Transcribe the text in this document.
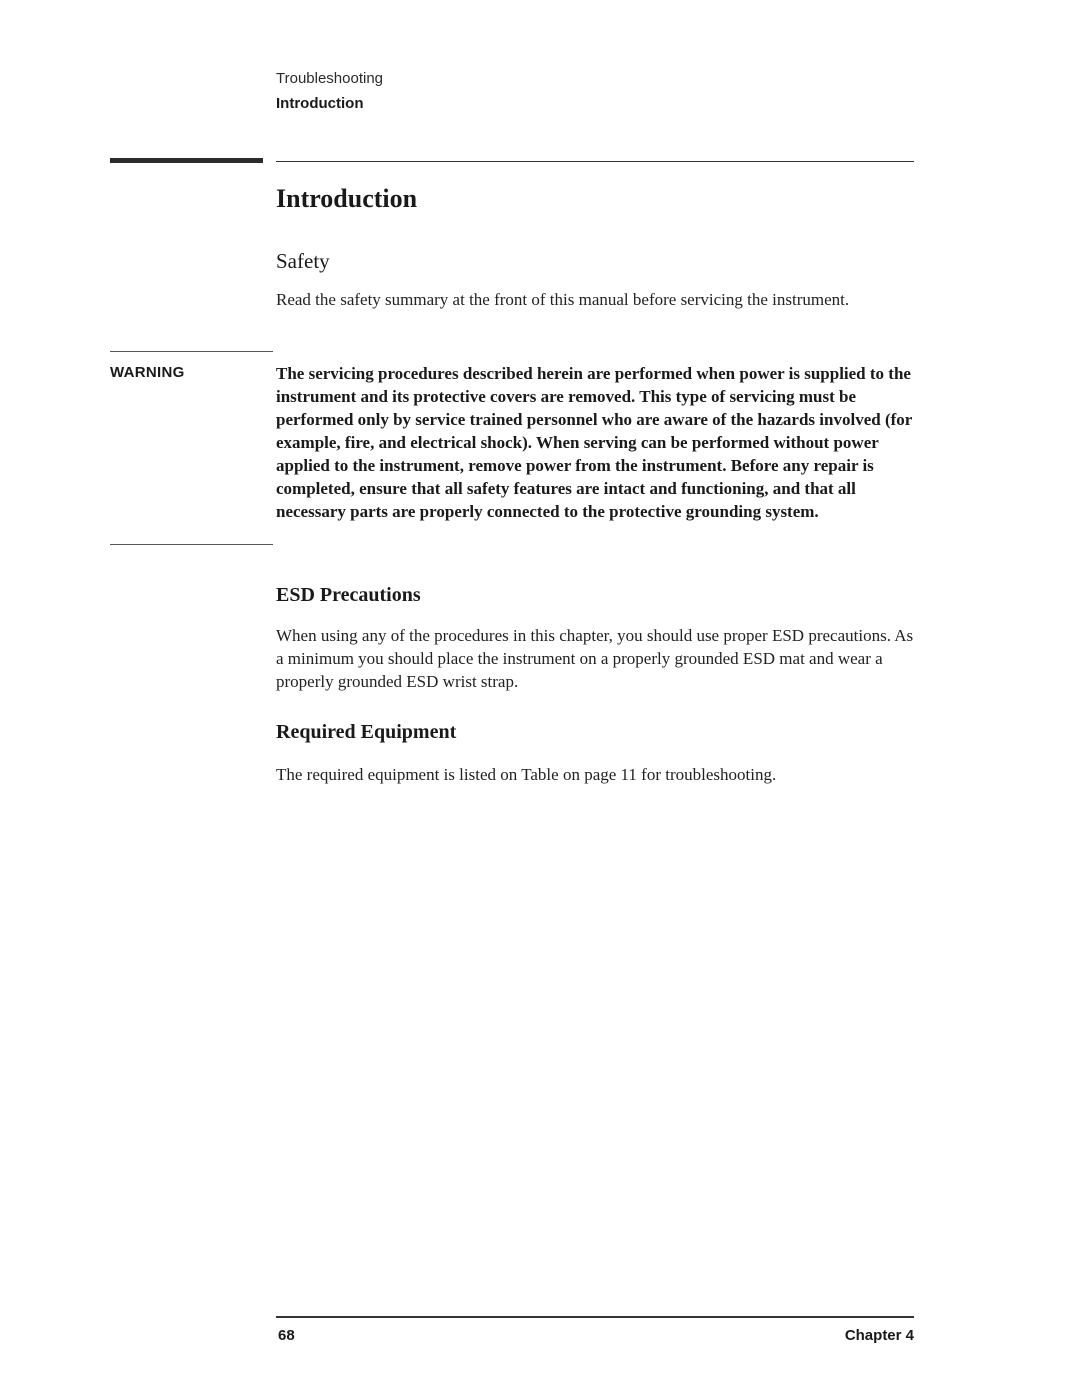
Troubleshooting
Introduction
Introduction
Safety

Read the safety summary at the front of this manual before servicing the instrument.

WARNING	The servicing procedures described herein are performed when power is supplied to the instrument and its protective covers are removed. This type of servicing must be performed only by service trained personnel who are aware of the hazards involved (for example, fire, and electrical shock). When serving can be performed without power applied to the instrument, remove power from the instrument. Before any repair is completed, ensure that all safety features are intact and functioning, and that all necessary parts are properly connected to the protective grounding system.

ESD Precautions

When using any of the procedures in this chapter, you should use proper ESD precautions. As a minimum you should place the instrument on a properly grounded ESD mat and wear a properly grounded ESD wrist strap.

Required Equipment

The required equipment is listed on Table on page 11 for troubleshooting.

68	Chapter 4
